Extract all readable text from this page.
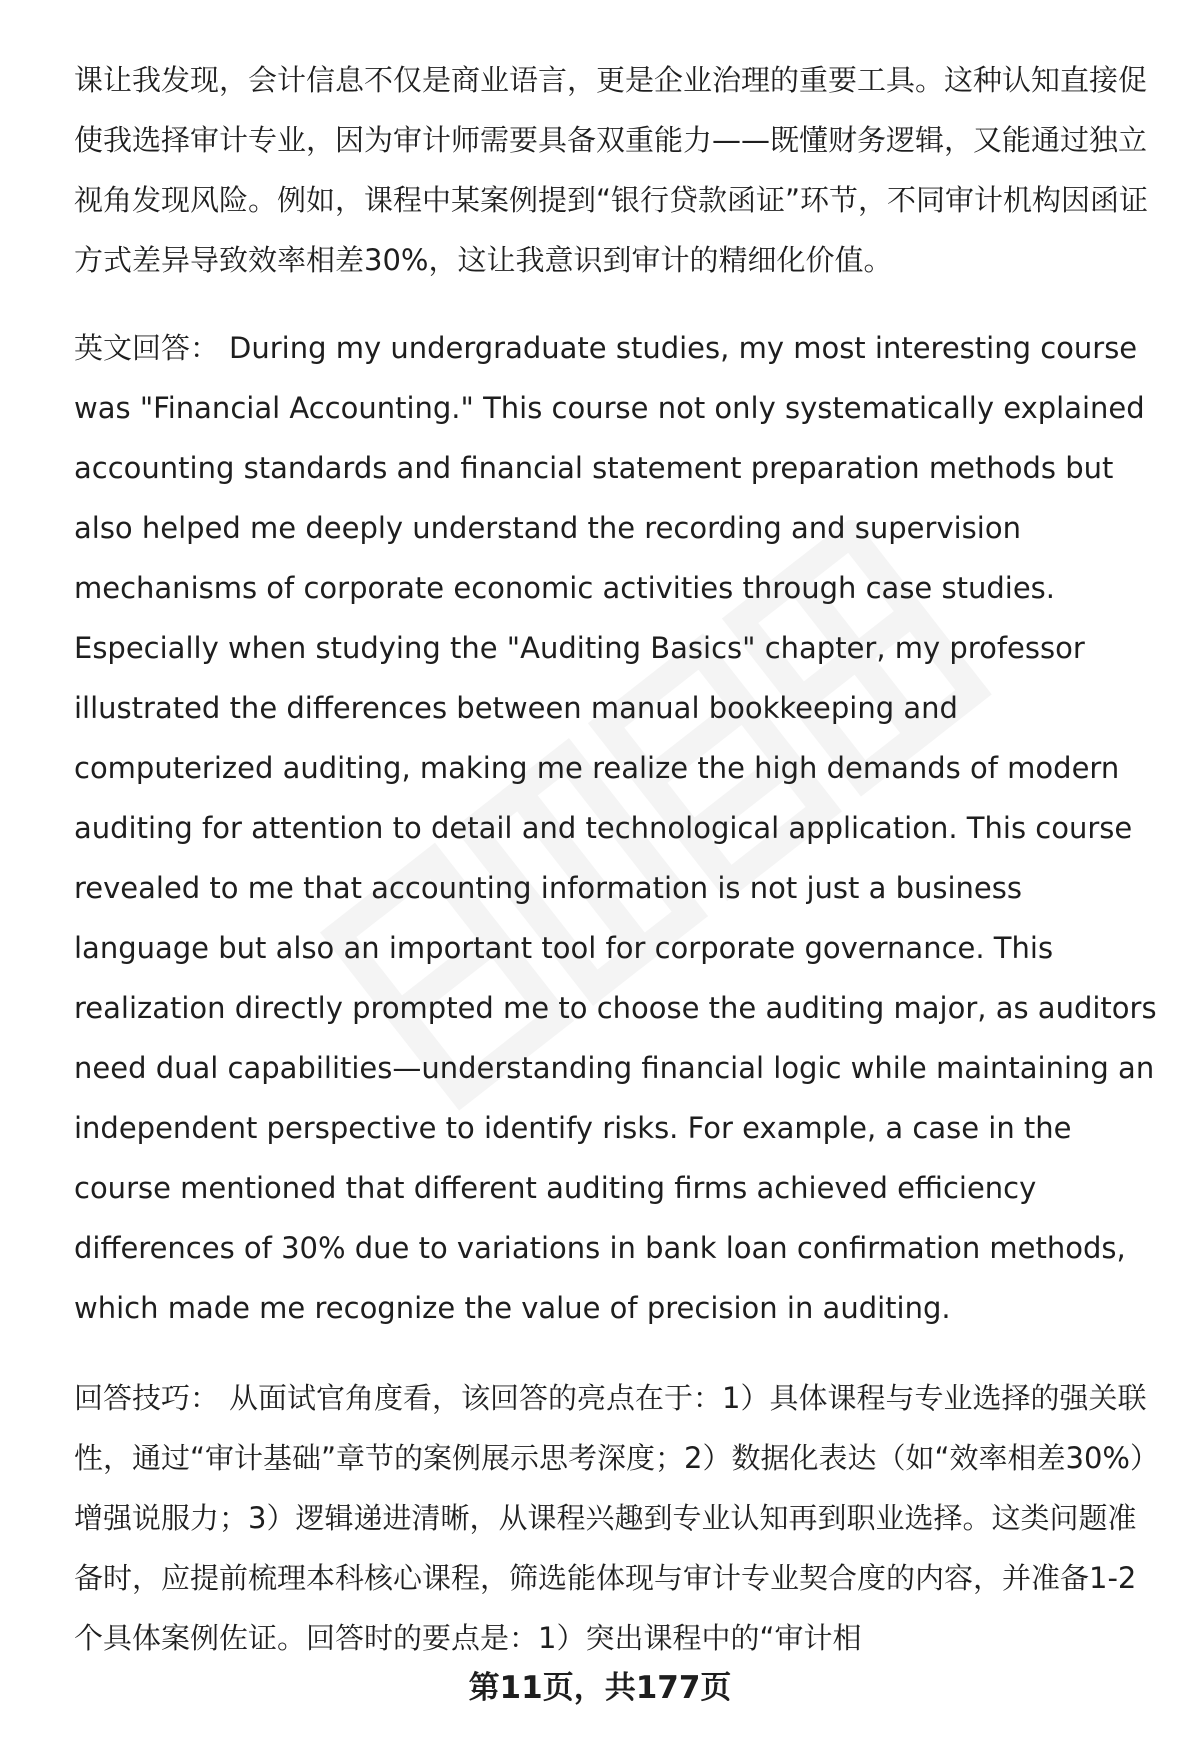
课让我发现，会计信息不仅是商业语言，更是企业治理的重要工具。这种认知直接促使我选择审计专业，因为审计师需要具备双重能力——既懂财务逻辑，又能通过独立视角发现风险。例如，课程中某案例提到“银行贷款函证”环节，不同审计机构因函证方式差异导致效率相差30%，这让我意识到审计的精细化价值。

英文回答： During my undergraduate studies, my most interesting course was "Financial Accounting." This course not only systematically explained accounting standards and financial statement preparation methods but also helped me deeply understand the recording and supervision mechanisms of corporate economic activities through case studies. Especially when studying the "Auditing Basics" chapter, my professor illustrated the differences between manual bookkeeping and computerized auditing, making me realize the high demands of modern auditing for attention to detail and technological application. This course revealed to me that accounting information is not just a business language but also an important tool for corporate governance. This realization directly prompted me to choose the auditing major, as auditors need dual capabilities—understanding financial logic while maintaining an independent perspective to identify risks. For example, a case in the course mentioned that different auditing firms achieved efficiency differences of 30% due to variations in bank loan confirmation methods, which made me recognize the value of precision in auditing.

回答技巧： 从面试官角度看，该回答的亮点在于：1）具体课程与专业选择的强关联性，通过“审计基础”章节的案例展示思考深度；2）数据化表达（如“效率相差30%）增强说服力；3）逻辑递进清晰，从课程兴趣到专业认知再到职业选择。这类问题准备时，应提前梳理本科核心课程，筛选能体现与审计专业契合度的内容，并准备1-2个具体案例佐证。回答时的要点是：1）突出课程中的“审计相

第11页，共177页
